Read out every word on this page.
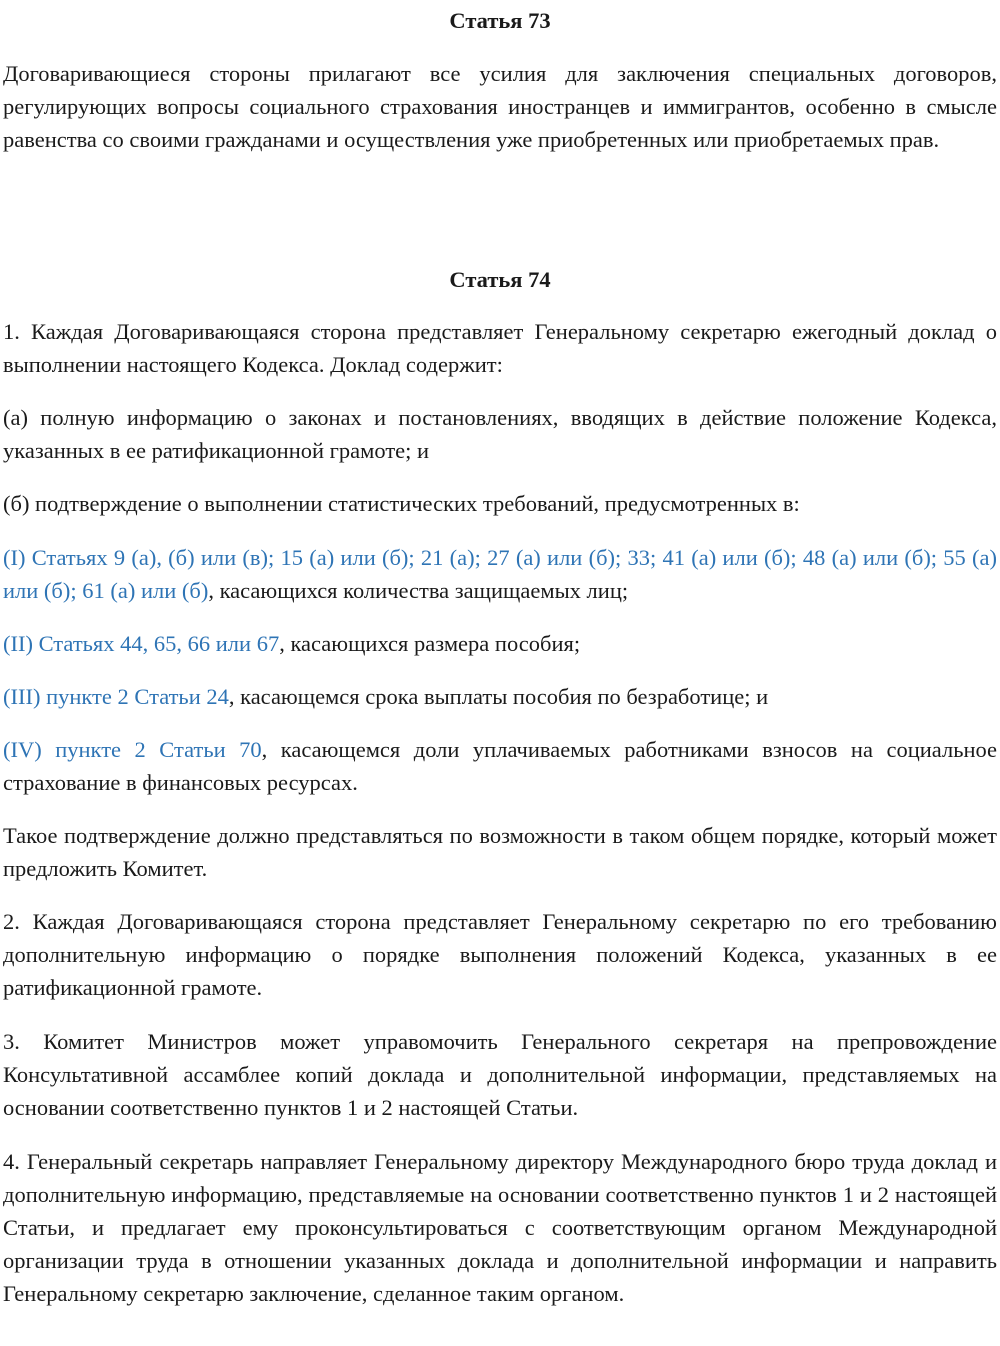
Статья 73

Договаривающиеся стороны прилагают все усилия для заключения специальных договоров, регулирующих вопросы социального страхования иностранцев и иммигрантов, особенно в смысле равенства со своими гражданами и осуществления уже приобретенных или приобретаемых прав.

Статья 74

1. Каждая Договаривающаяся сторона представляет Генеральному секретарю ежегодный доклад о выполнении настоящего Кодекса. Доклад содержит:

(а) полную информацию о законах и постановлениях, вводящих в действие положение Кодекса, указанных в ее ратификационной грамоте; и

(б) подтверждение о выполнении статистических требований, предусмотренных в:

(I) Статьях 9 (а), (б) или (в); 15 (а) или (б); 21 (а); 27 (а) или (б); 33; 41 (а) или (б); 48 (а) или (б); 55 (а) или (б); 61 (а) или (б), касающихся количества защищаемых лиц;

(II) Статьях 44, 65, 66 или 67, касающихся размера пособия;

(III) пункте 2 Статьи 24, касающемся срока выплаты пособия по безработице; и

(IV) пункте 2 Статьи 70, касающемся доли уплачиваемых работниками взносов на социальное страхование в финансовых ресурсах.

Такое подтверждение должно представляться по возможности в таком общем порядке, который может предложить Комитет.

2. Каждая Договаривающаяся сторона представляет Генеральному секретарю по его требованию дополнительную информацию о порядке выполнения положений Кодекса, указанных в ее ратификационной грамоте.

3. Комитет Министров может управомочить Генерального секретаря на препровождение Консультативной ассамблее копий доклада и дополнительной информации, представляемых на основании соответственно пунктов 1 и 2 настоящей Статьи.

4. Генеральный секретарь направляет Генеральному директору Международного бюро труда доклад и дополнительную информацию, представляемые на основании соответственно пунктов 1 и 2 настоящей Статьи, и предлагает ему проконсультироваться с соответствующим органом Международной организации труда в отношении указанных доклада и дополнительной информации и направить Генеральному секретарю заключение, сделанное таким органом.
